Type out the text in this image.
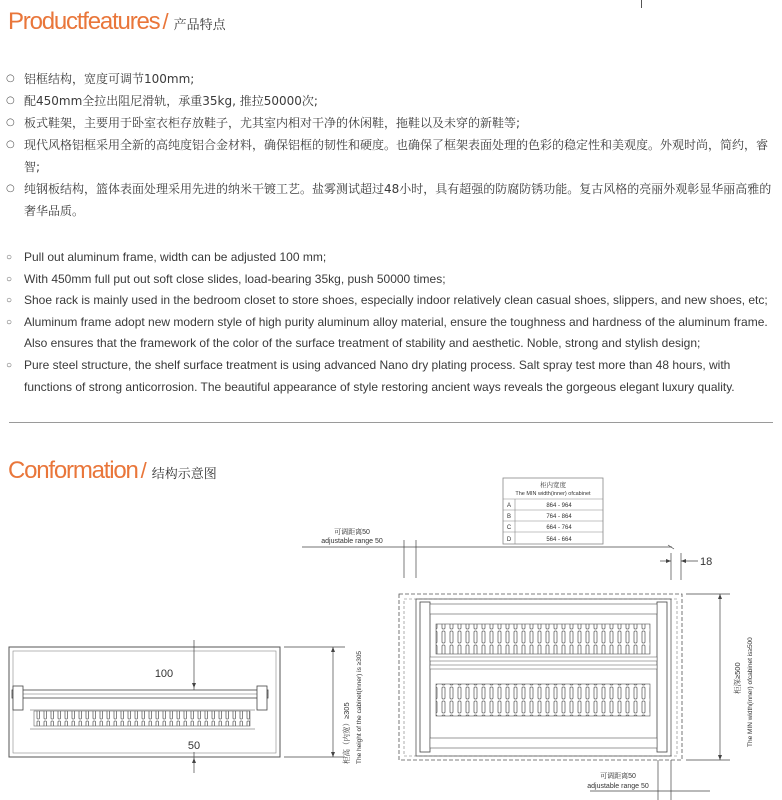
Productfeatures / 产品特点
○ 铝框结构，宽度可调节100mm;
○ 配450mm全拉出阻尼滑轨，承重35kg, 推拉50000次;
○ 板式鞋架，主要用于卧室衣柜存放鞋子，尤其室内相对干净的休闲鞋，拖鞋以及未穿的新鞋等;
○ 现代风格铝框采用全新的高纯度铝合金材料，确保铝框的韧性和硬度。也确保了框架表面处理的色彩的稳定性和美观度。外观时尚，简约，睿智;
○ 纯钢板结构，篮体表面处理采用先进的纳米干镀工艺。盐雾测试超过48小时，具有超强的防腐防锈功能。复古风格的亮丽外观彰显华丽高雅的奢华品质。
○ Pull out aluminum frame, width can be adjusted 100 mm;
○ With 450mm full put out soft close slides, load-bearing 35kg, push 50000 times;
○ Shoe rack is mainly used in the bedroom closet to store shoes, especially indoor relatively clean casual shoes, slippers, and new shoes, etc;
○ Aluminum frame adopt new modern style of high purity aluminum alloy material, ensure the toughness and hardness of the aluminum frame. Also ensures that the framework of the color of the surface treatment of stability and aesthetic. Noble, strong and stylish design;
○ Pure steel structure, the shelf surface treatment is using advanced Nano dry plating process. Salt spray test more than 48 hours, with functions of strong anticorrosion. The beautiful appearance of style restoring ancient ways reveals the gorgeous elegant luxury quality.
Conformation / 结构示意图
柜内宽度
The MIN width(inner) ofcabinet
A	864 - 964
B	764 - 864
C	664 - 764
D	564 - 664
可调距离50
adjustable range 50
18
100
50	柜高（内宽）≥305 The height of the cabinet(inner) is ≥305	柜深≥500 The MIN width(inner) ofcabinet is≥500
可调距离50
adjustable range 50
